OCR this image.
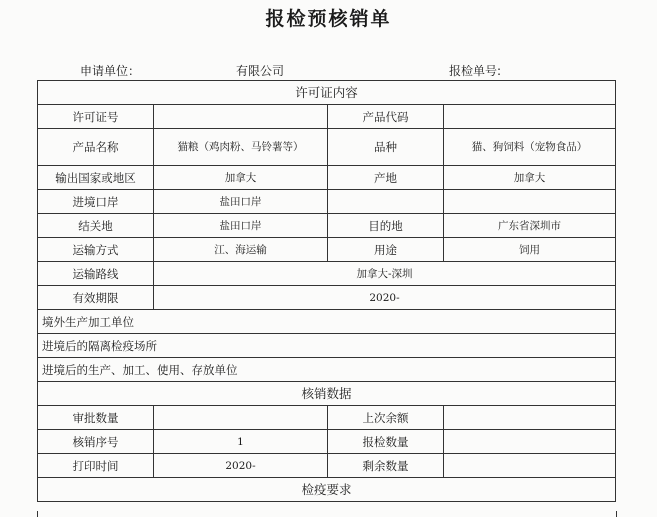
报检预核销单
申请单位：	有限公司	报检单号:
许可证内容			
许可证号		产品代码	
产品名称	猫粮（鸡肉粉、马铃薯等）	品种	猫、狗饲料（宠物食品）
输出国家或地区	加拿大	产地	加拿大
进境口岸	盐田口岸		
结关地	盐田口岸	目的地	广东省深圳市
运输方式	江、海运输	用途	饲用
运输路线	加拿大-深圳		
有效期限	2020-		
境外生产加工单位			
进境后的隔离检疫场所			
进境后的生产、加工、使用、存放单位			
核销数据			
审批数量		上次余额	
核销序号	1	报检数量	
打印时间	2020-	剩余数量	
检疫要求			
